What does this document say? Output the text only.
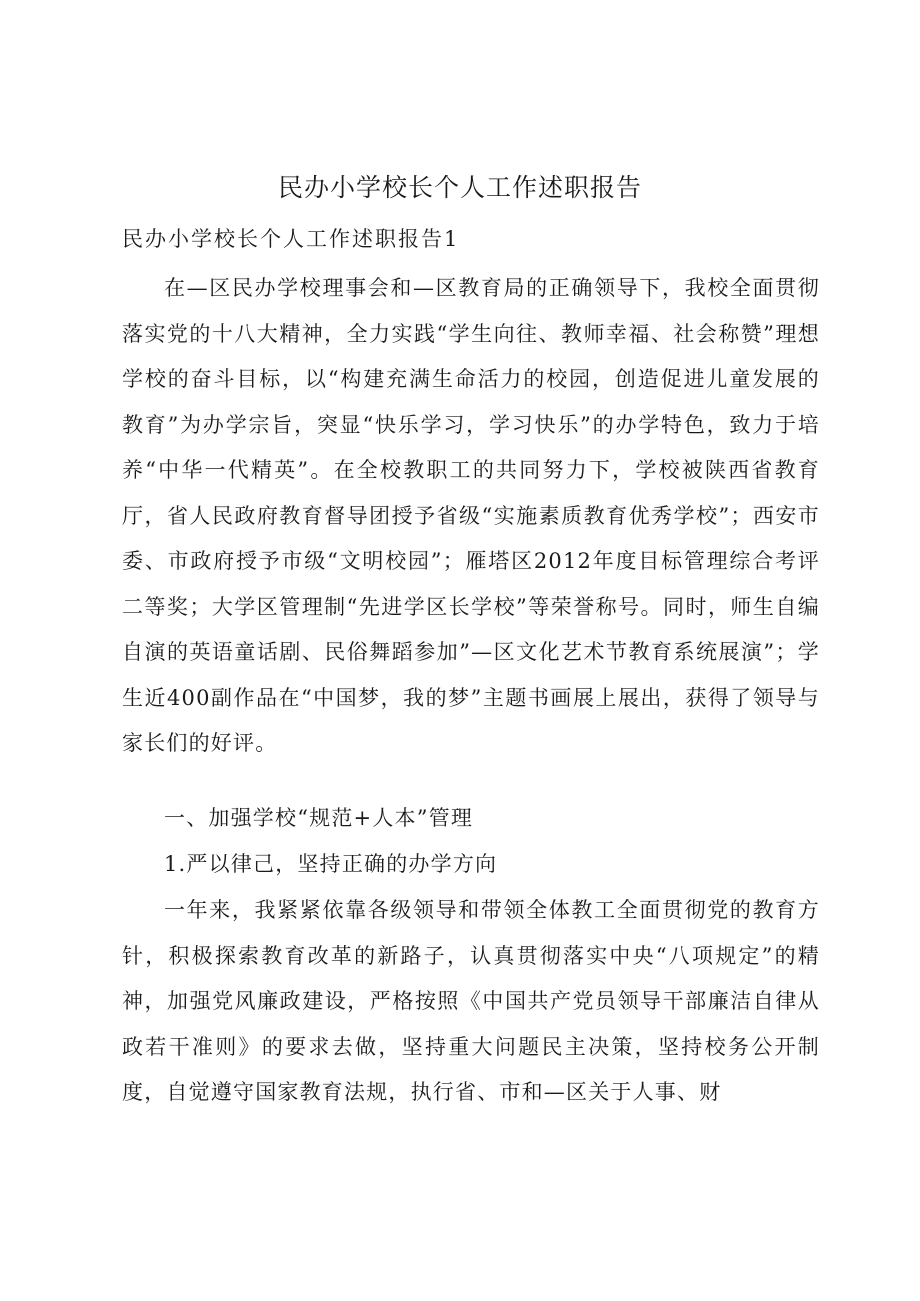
民办小学校长个人工作述职报告
民办小学校长个人工作述职报告1

在—区民办学校理事会和—区教育局的正确领导下，我校全面贯彻落实党的十八大精神，全力实践“学生向往、教师幸福、社会称赞”理想学校的奋斗目标，以“构建充满生命活力的校园，创造促进儿童发展的教育”为办学宗旨，突显“快乐学习，学习快乐”的办学特色，致力于培养“中华一代精英”。在全校教职工的共同努力下，学校被陕西省教育厅，省人民政府教育督导团授予省级“实施素质教育优秀学校”；西安市委、市政府授予市级“文明校园”；雁塔区2012年度目标管理综合考评二等奖；大学区管理制“先进学区长学校”等荣誉称号。同时，师生自编自演的英语童话剧、民俗舞蹈参加”—区文化艺术节教育系统展演”；学生近400副作品在“中国梦，我的梦”主题书画展上展出，获得了领导与家长们的好评。

一、加强学校“规范+人本”管理

1.严以律己，坚持正确的办学方向

一年来，我紧紧依靠各级领导和带领全体教工全面贯彻党的教育方针，积极探索教育改革的新路子，认真贯彻落实中央“八项规定”的精神，加强党风廉政建设，严格按照《中国共产党员领导干部廉洁自律从政若干准则》的要求去做，坚持重大问题民主决策，坚持校务公开制度，自觉遵守国家教育法规，执行省、市和—区关于人事、财
